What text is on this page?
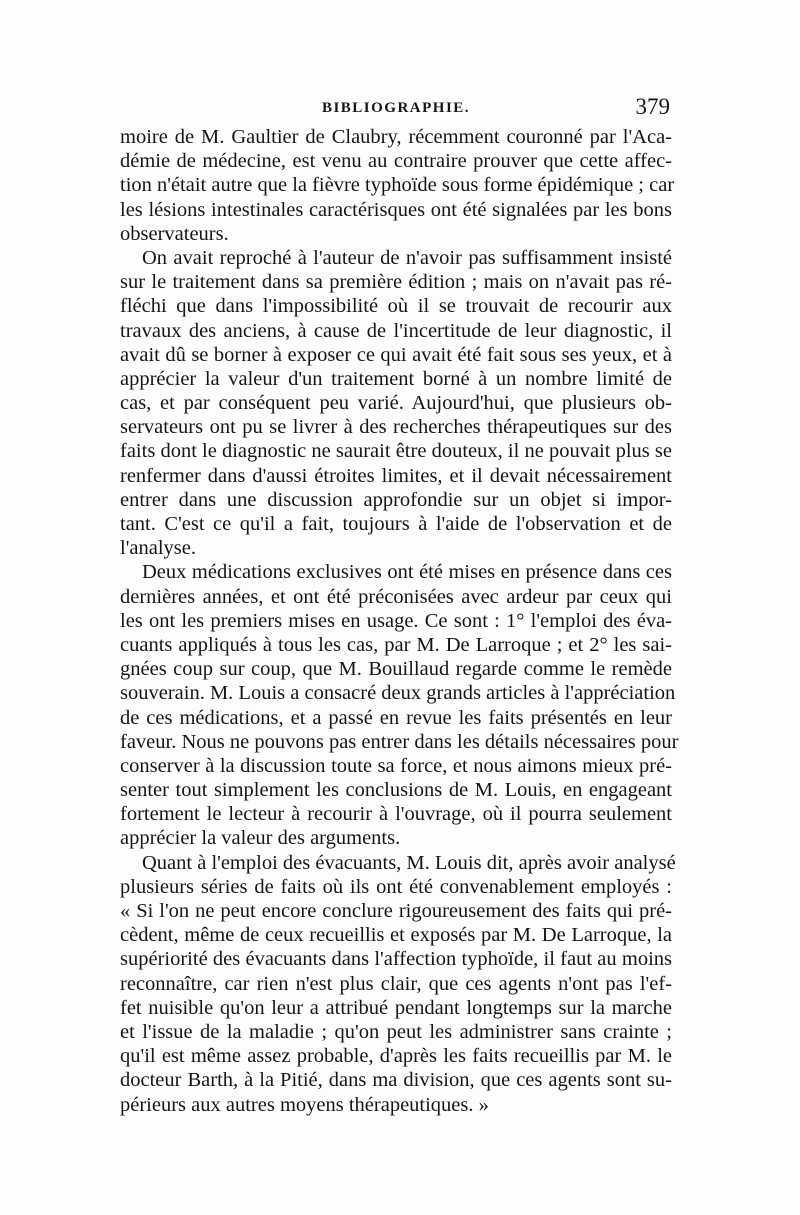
BIBLIOGRAPHIE.	379
moire de M. Gaultier de Claubry, récemment couronné par l'Aca-
démie de médecine, est venu au contraire prouver que cette affec-
tion n'était autre que la fièvre typhoïde sous forme épidémique ; car
les lésions intestinales caractérisques ont été signalées par les bons
observateurs.
On avait reproché à l'auteur de n'avoir pas suffisamment insisté
sur le traitement dans sa première édition ; mais on n'avait pas ré-
fléchi que dans l'impossibilité où il se trouvait de recourir aux
travaux des anciens, à cause de l'incertitude de leur diagnostic, il
avait dû se borner à exposer ce qui avait été fait sous ses yeux, et à
apprécier la valeur d'un traitement borné à un nombre limité de
cas, et par conséquent peu varié. Aujourd'hui, que plusieurs ob-
servateurs ont pu se livrer à des recherches thérapeutiques sur des
faits dont le diagnostic ne saurait être douteux, il ne pouvait plus se
renfermer dans d'aussi étroites limites, et il devait nécessairement
entrer dans une discussion approfondie sur un objet si impor-
tant. C'est ce qu'il a fait, toujours à l'aide de l'observation et de
l'analyse.
Deux médications exclusives ont été mises en présence dans ces
dernières années, et ont été préconisées avec ardeur par ceux qui
les ont les premiers mises en usage. Ce sont : 1° l'emploi des éva-
cuants appliqués à tous les cas, par M. De Larroque ; et 2° les sai-
gnées coup sur coup, que M. Bouillaud regarde comme le remède
souverain. M. Louis a consacré deux grands articles à l'appréciation
de ces médications, et a passé en revue les faits présentés en leur
faveur. Nous ne pouvons pas entrer dans les détails nécessaires pour
conserver à la discussion toute sa force, et nous aimons mieux pré-
senter tout simplement les conclusions de M. Louis, en engageant
fortement le lecteur à recourir à l'ouvrage, où il pourra seulement
apprécier la valeur des arguments.
Quant à l'emploi des évacuants, M. Louis dit, après avoir analysé
plusieurs séries de faits où ils ont été convenablement employés :
« Si l'on ne peut encore conclure rigoureusement des faits qui pré-
cèdent, même de ceux recueillis et exposés par M. De Larroque, la
supériorité des évacuants dans l'affection typhoïde, il faut au moins
reconnaître, car rien n'est plus clair, que ces agents n'ont pas l'ef-
fet nuisible qu'on leur a attribué pendant longtemps sur la marche
et l'issue de la maladie ; qu'on peut les administrer sans crainte ;
qu'il est même assez probable, d'après les faits recueillis par M. le
docteur Barth, à la Pitié, dans ma division, que ces agents sont su-
périeurs aux autres moyens thérapeutiques. »
